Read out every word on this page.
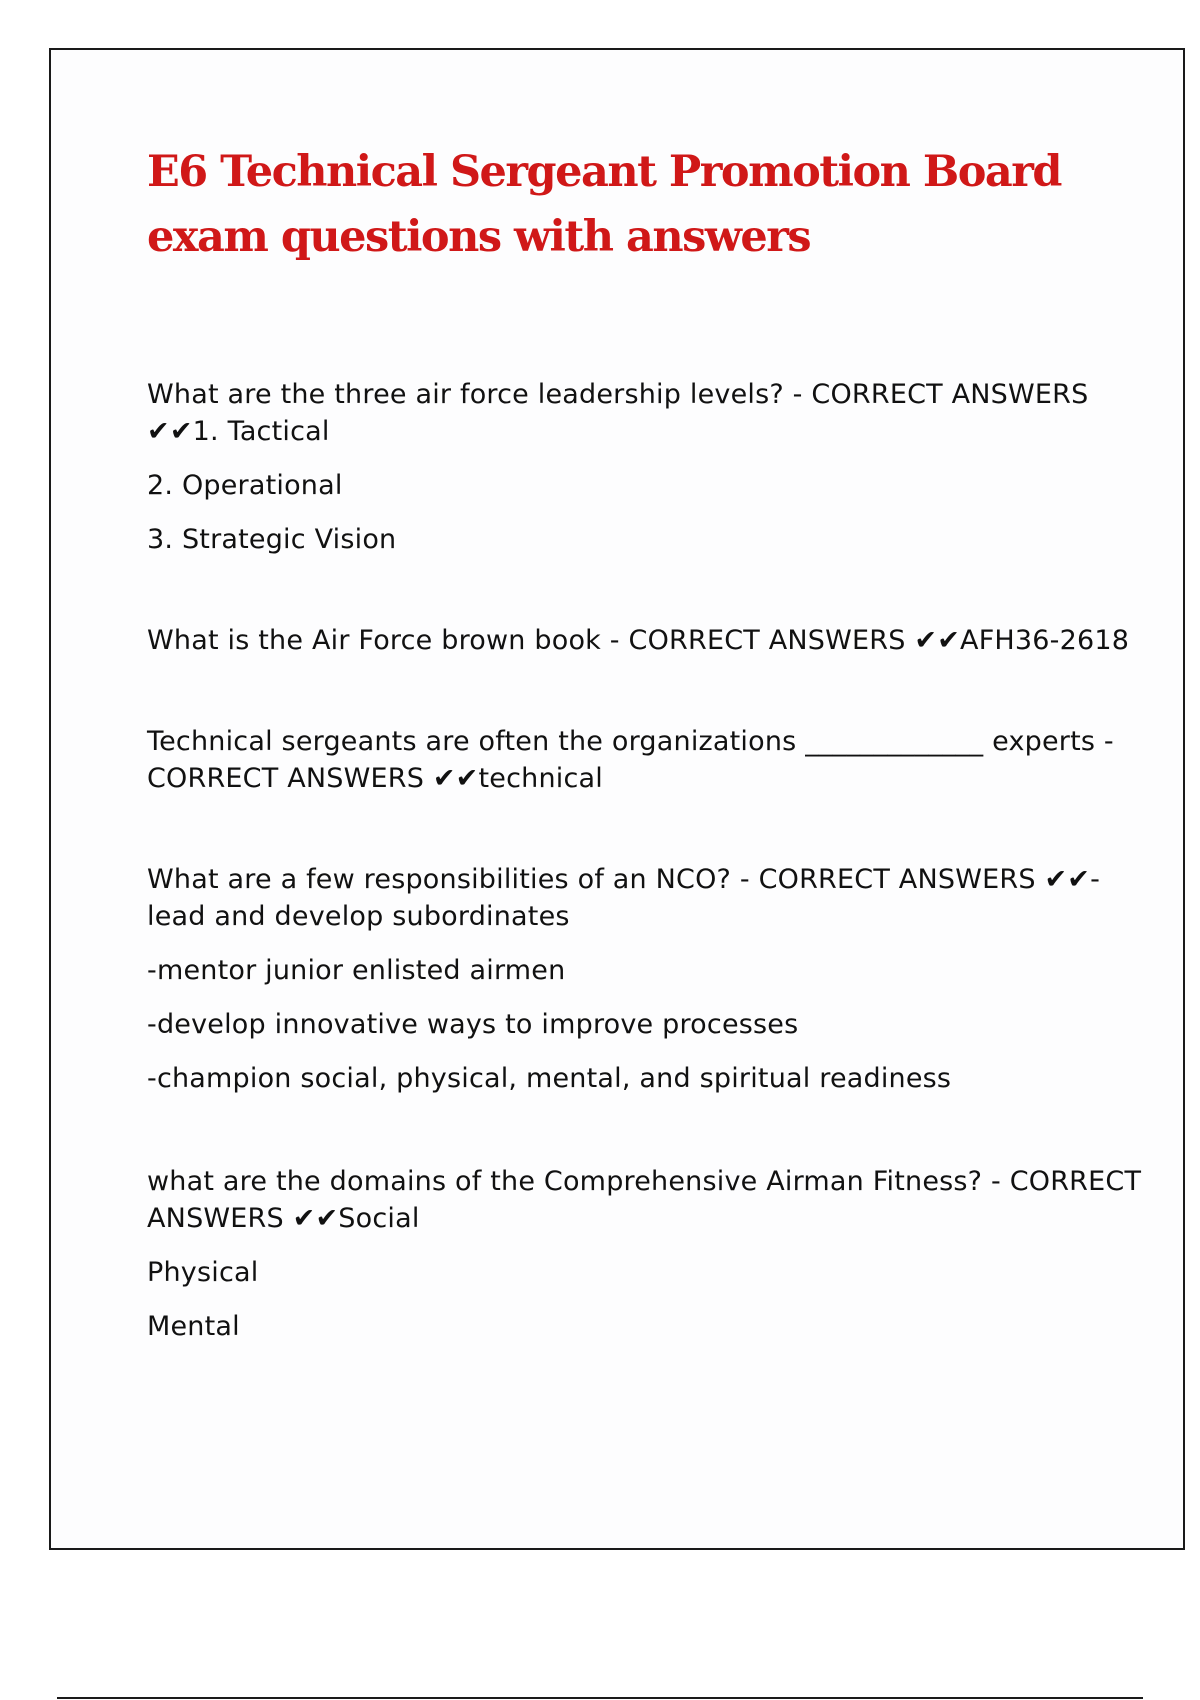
E6 Technical Sergeant Promotion Board exam questions with answers

What are the three air force leadership levels? - CORRECT ANSWERS ✔✔1. Tactical

2. Operational

3. Strategic Vision

What is the Air Force brown book - CORRECT ANSWERS ✔✔AFH36-2618

Technical sergeants are often the organizations _____________ experts - CORRECT ANSWERS ✔✔technical

What are a few responsibilities of an NCO? - CORRECT ANSWERS ✔✔-lead and develop subordinates

-mentor junior enlisted airmen

-develop innovative ways to improve processes

-champion social, physical, mental, and spiritual readiness

what are the domains of the Comprehensive Airman Fitness? - CORRECT ANSWERS ✔✔Social

Physical

Mental
